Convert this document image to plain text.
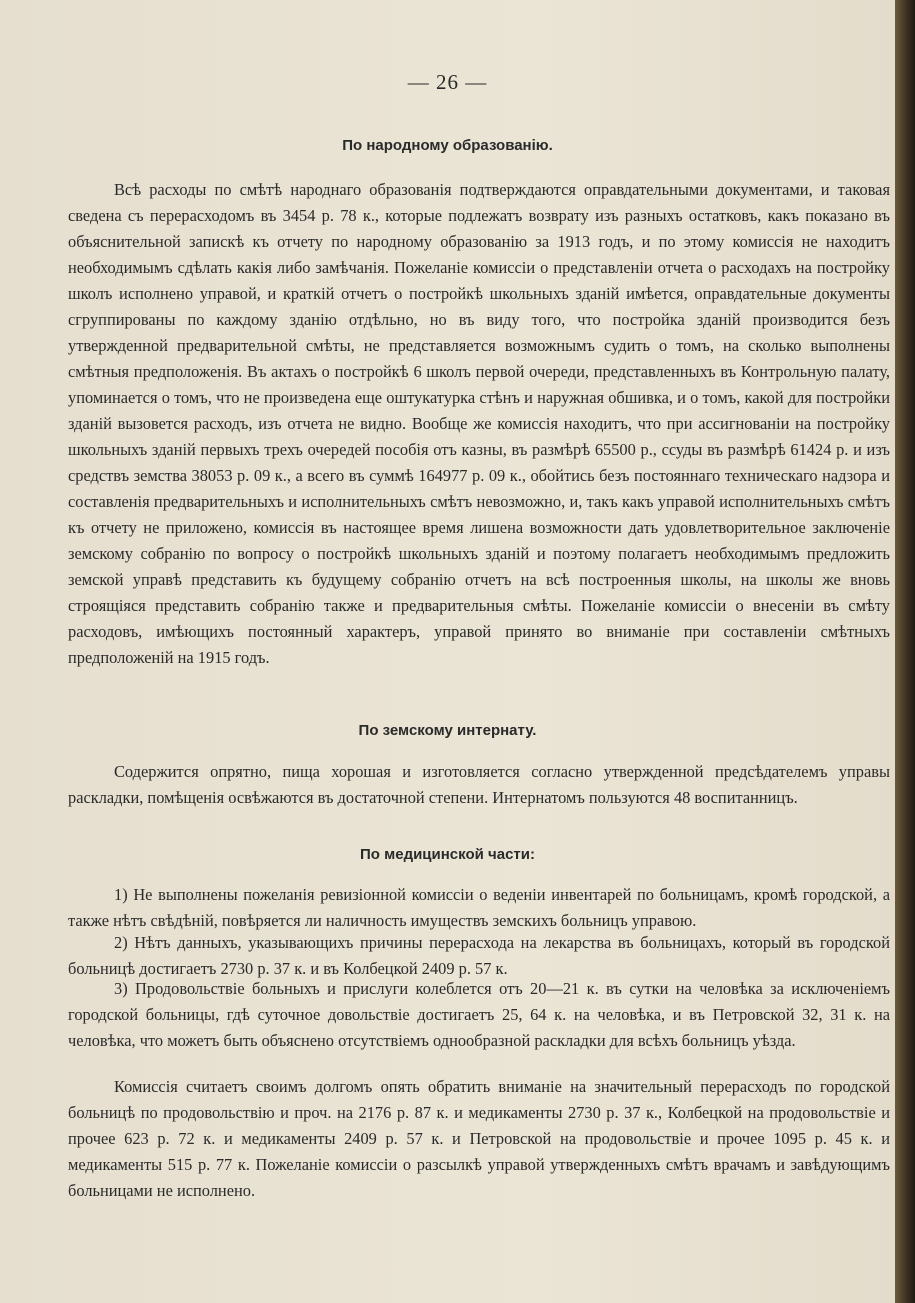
— 26 —
По народному образованію.

Всѣ расходы по смѣтѣ народнаго образованія подтверждаются оправдательными документами, и таковая сведена съ перерасходомъ въ 3454 р. 78 к., которые подлежатъ возврату изъ разныхъ остатковъ, какъ показано въ объяснительной запискѣ къ отчету по народному образованію за 1913 годъ, и по этому комиссія не находитъ необходимымъ сдѣлать какія либо замѣчанія. Пожеланіе комиссіи о представленіи отчета о расходахъ на постройку школъ исполнено управой, и краткій отчетъ о постройкѣ школьныхъ зданій имѣется, оправдательные документы сгруппированы по каждому зданію отдѣльно, но въ виду того, что постройка зданій производится безъ утвержденной предварительной смѣты, не представляется возможнымъ судить о томъ, на сколько выполнены смѣтныя предположенія. Въ актахъ о постройкѣ 6 школъ первой очереди, представленныхъ въ Контрольную палату, упоминается о томъ, что не произведена еще оштукатурка стѣнъ и наружная обшивка, и о томъ, какой для постройки зданій вызовется расходъ, изъ отчета не видно. Вообще же комиссія находитъ, что при ассигнованіи на постройку школьныхъ зданій первыхъ трехъ очередей пособія отъ казны, въ размѣрѣ 65500 р., ссуды въ размѣрѣ 61424 р. и изъ средствъ земства 38053 р. 09 к., а всего въ суммѣ 164977 р. 09 к., обойтись безъ постояннаго техническаго надзора и составленія предварительныхъ и исполнительныхъ смѣтъ невозможно, и, такъ какъ управой исполнительныхъ смѣтъ къ отчету не приложено, комиссія въ настоящее время лишена возможности дать удовлетворительное заключеніе земскому собранію по вопросу о постройкѣ школьныхъ зданій и поэтому полагаетъ необходимымъ предложить земской управѣ представить къ будущему собранію отчетъ на всѣ построенныя школы, на школы же вновь строящіяся представить собранію также и предварительныя смѣты. Пожеланіе комиссіи о внесеніи въ смѣту расходовъ, имѣющихъ постоянный характеръ, управой принято во вниманіе при составленіи смѣтныхъ предположеній на 1915 годъ.

По земскому интернату.

Содержится опрятно, пища хорошая и изготовляется согласно утвержденной предсѣдателемъ управы раскладки, помѣщенія освѣжаются въ достаточной степени. Интернатомъ пользуются 48 воспитанницъ.

По медицинской части:

1) Не выполнены пожеланія ревизіонной комиссіи о веденіи инвентарей по больницамъ, кромѣ городской, а также нѣтъ свѣдѣній, повѣряется ли наличность имуществъ земскихъ больницъ управою.

2) Нѣтъ данныхъ, указывающихъ причины перерасхода на лекарства въ больницахъ, который въ городской больницѣ достигаетъ 2730 р. 37 к. и въ Колбецкой 2409 р. 57 к.

3) Продовольствіе больныхъ и прислуги колеблется отъ 20—21 к. въ сутки на человѣка за исключеніемъ городской больницы, гдѣ суточное довольствіе достигаетъ 25, 64 к. на человѣка, и въ Петровской 32, 31 к. на человѣка, что можетъ быть объяснено отсутствіемъ однообразной раскладки для всѣхъ больницъ уѣзда.

Комиссія считаетъ своимъ долгомъ опять обратить вниманіе на значительный перерасходъ по городской больницѣ по продовольствію и проч. на 2176 р. 87 к. и медикаменты 2730 р. 37 к., Колбецкой на продовольствіе и прочее 623 р. 72 к. и медикаменты 2409 р. 57 к. и Петровской на продовольствіе и прочее 1095 р. 45 к. и медикаменты 515 р. 77 к. Пожеланіе комиссіи о разсылкѣ управой утвержденныхъ смѣтъ врачамъ и завѣдующимъ больницами не исполнено.
